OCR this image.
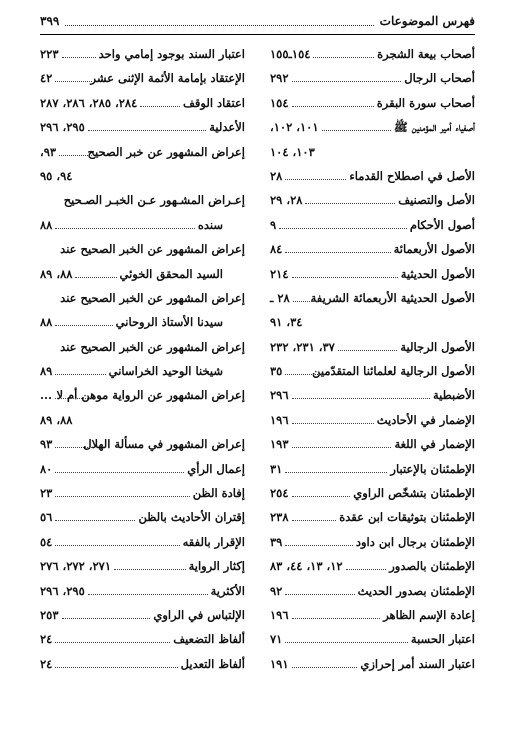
فهرس الموضوعات
٣٩٩
أصحاب بيعة الشجرة
١٥٤ـ١٥٥
أصحاب الرجال
٢٩٢
أصحاب سورة البقرة
١٥٤
أصفياء أمير المؤمنين ﷺ
١٠١، ١٠٢،
١٠٣، ١٠٤
الأصل في اصطلاح القدماء
٢٨
الأصل والتصنيف
٢٨، ٢٩
أصول الأحكام
٩
الأصول الأربعمائة
٨٤
الأصول الحديثية
٢١٤
الأصول الحديثية الأربعمائة الشريفة
٢٨ ـ
٣٤، ٩١
الأصول الرجالية
٣٧، ٢٣١، ٢٣٢
الأصول الرجالية لعلمائنا المتقدّمين
٣٥
الأضبطية
٢٩٦
الإضمار في الأحاديث
١٩٦
الإضمار في اللغة
١٩٣
الإطمئنان بالإعتبار
٣١
الإطمئنان بتشخّص الراوي
٢٥٤
الإطمئنان بتوثيقات ابن عقدة
٢٣٨
الإطمئنان برجال ابن داود
٣٩
الإطمئنان بالصدور
١٢، ١٣، ٤٤، ٨٣
الإطمئنان بصدور الحديث
٩٢
إعادة الإسم الظاهر
١٩٦
اعتبار الحسبة
٧١
اعتبار السند أمر إحرازي
١٩١
اعتبار السند بوجود إمامي واحد
٢٢٣
الإعتقاد بإمامة الأئمة الإثنى عشر
٤٢
اعتقاد الوقف
٢٨٤، ٢٨٥، ٢٨٦، ٢٨٧
الأعدلية
٢٩٥، ٢٩٦
إعراض المشهور عن خبر الصحيح
٩٣،
٩٤، ٩٥
إعـراض المشـهور عـن الخبـر الصـحيح
سنده
٨٨
إعراض المشهور عن الخبر الصحيح عند
السيد المحقق الخوئي
٨٨، ٨٩
إعراض المشهور عن الخبر الصحيح عند
سيدنا الأستاذ الروحاني
٨٨
إعراض المشهور عن الخبر الصحيح عند
شيخنا الوحيد الخراساني
٨٩
إعراض المشهور عن الرواية موهن أم لا
...
٨٨، ٨٩
إعراض المشهور في مسألة الهلال
٩٣
إعمال الرأي
٨٠
إفادة الظن
٢٣
إقتران الأحاديث بالظن
٥٦
الإقرار بالفقه
٥٤
إكثار الرواية
٢٧١، ٢٧٢، ٢٧٦
الأكثرية
٢٩٥، ٢٩٦
الإلتباس في الراوي
٢٥٣
ألفاظ التضعيف
٢٤
ألفاظ التعديل
٢٤
